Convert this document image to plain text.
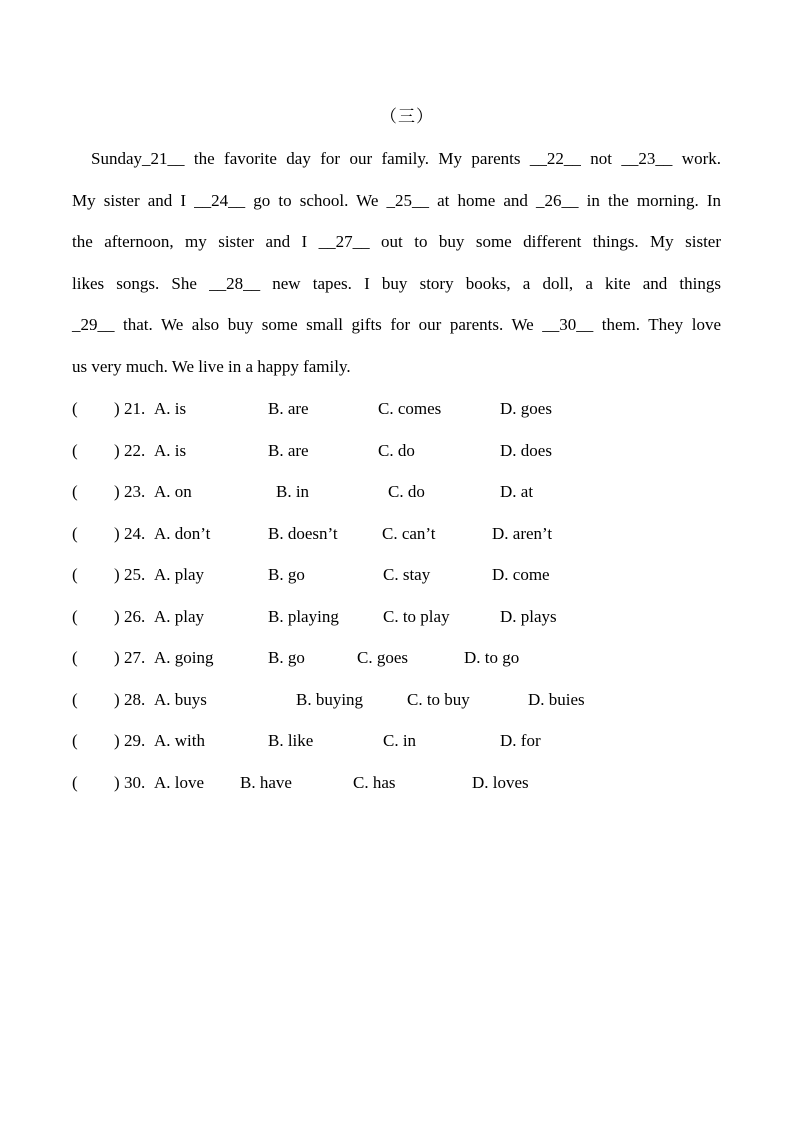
（三）
Sunday_21__ the favorite day for our family. My parents __22__ not __23__ work.
My sister and I __24__ go to school. We _25__ at home and _26__ in the morning. In
the afternoon, my sister and I __27__ out to buy some different things. My sister
likes songs. She __28__ new tapes. I buy story books, a doll, a kite and things
_29__ that. We also buy some small gifts for our parents. We __30__ them. They love
us very much. We live in a happy family.
( ) 21. A. is	B. are	C. comes	D. goes
( ) 22. A. is	B. are	C. do	D. does
( ) 23. A. on	B. in	C. do	D. at
( ) 24. A. don’t	B. doesn’t	C. can’t	D. aren’t
( ) 25. A. play	B. go	C. stay	D. come
( ) 26. A. play	B. playing	C. to play	D. plays
( ) 27. A. going	B. go	C. goes	D. to go
( ) 28. A. buys	B. buying	C. to buy	D. buies
( ) 29. A. with	B. like	C. in	D. for
( ) 30. A. love B. have	C. has	D. loves
